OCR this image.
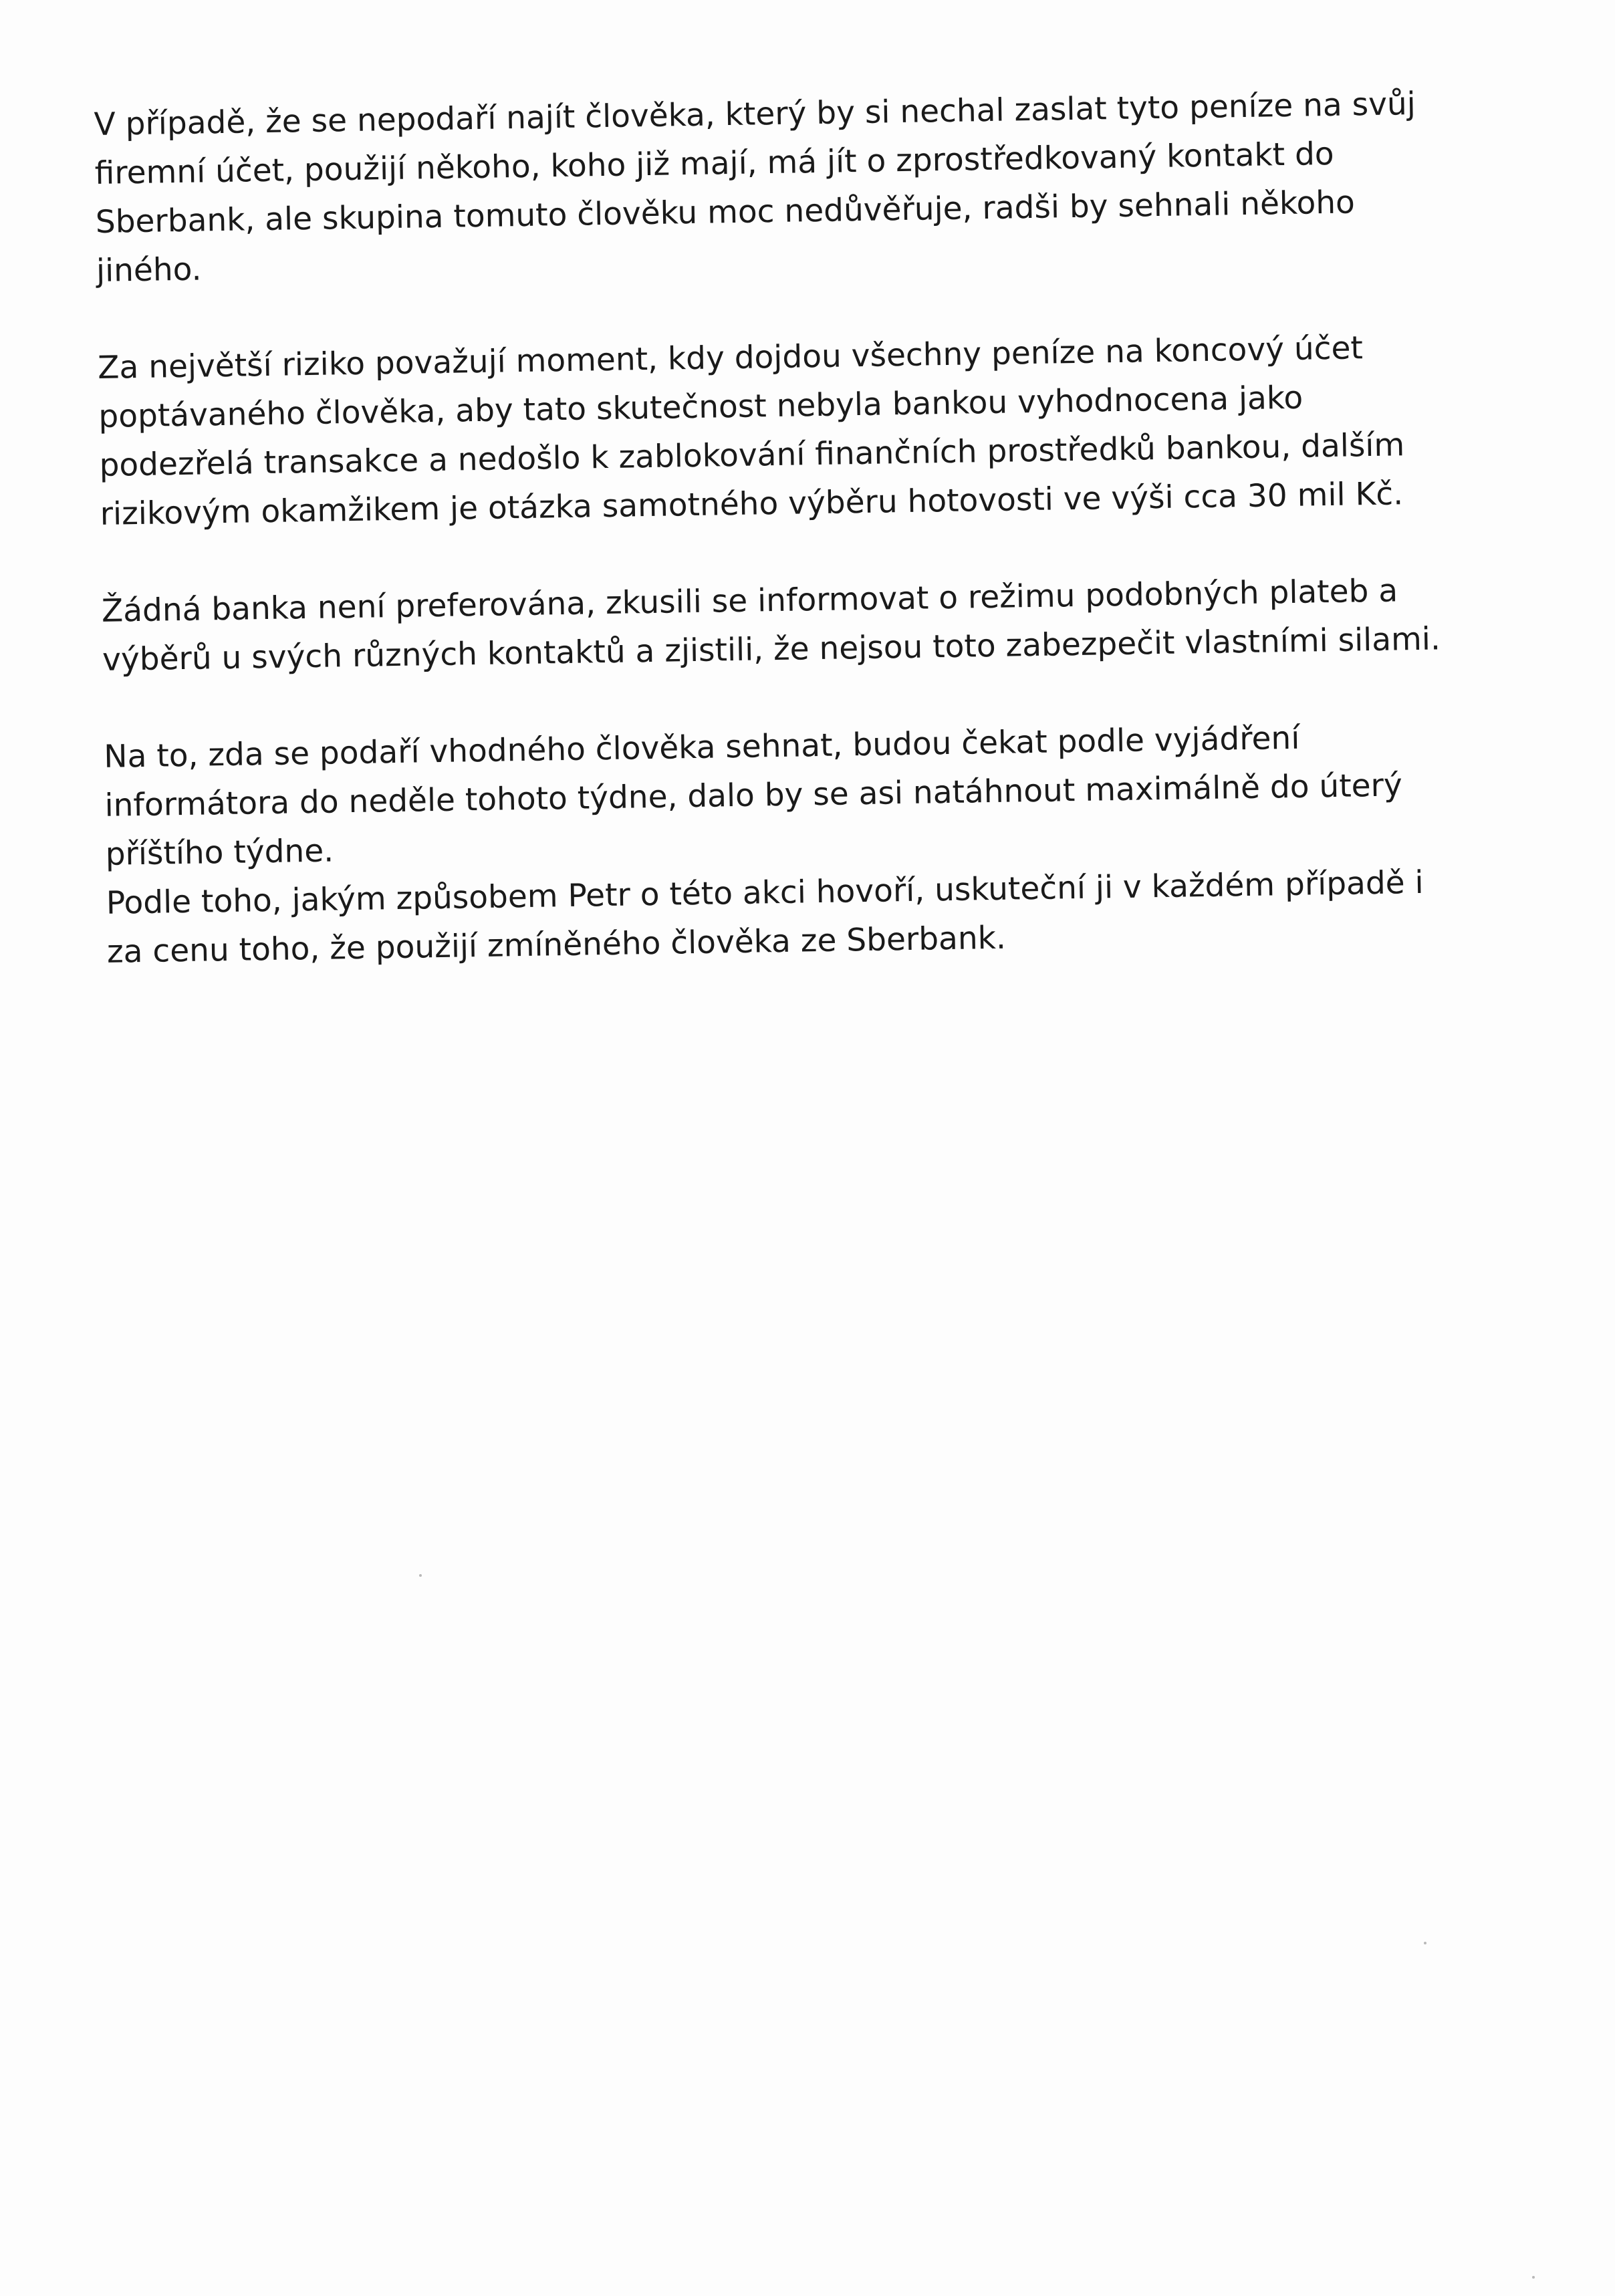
V případě, že se nepodaří najít člověka, který by si nechal zaslat tyto peníze na svůj
firemní účet, použijí někoho, koho již mají, má jít o zprostředkovaný kontakt do
Sberbank, ale skupina tomuto člověku moc nedůvěřuje, radši by sehnali někoho
jiného.

Za největší riziko považují moment, kdy dojdou všechny peníze na koncový účet
poptávaného člověka, aby tato skutečnost nebyla bankou vyhodnocena jako
podezřelá transakce a nedošlo k zablokování finančních prostředků bankou, dalším
rizikovým okamžikem je otázka samotného výběru hotovosti ve výši cca 30 mil Kč.

Žádná banka není preferována, zkusili se informovat o režimu podobných plateb a
výběrů u svých různých kontaktů a zjistili, že nejsou toto zabezpečit vlastními silami.

Na to, zda se podaří vhodného člověka sehnat, budou čekat podle vyjádření
informátora do neděle tohoto týdne, dalo by se asi natáhnout maximálně do úterý
příštího týdne.
Podle toho, jakým způsobem Petr o této akci hovoří, uskuteční ji v každém případě i
za cenu toho, že použijí zmíněného člověka ze Sberbank.
